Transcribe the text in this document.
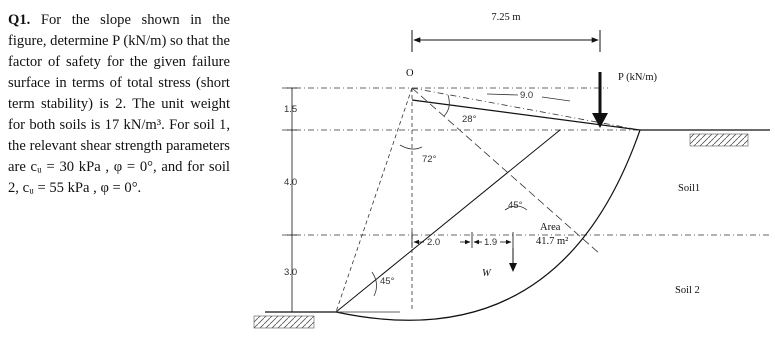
Q1. For the slope shown in the figure, determine P (kN/m) so that the factor of safety for the given failure surface in terms of total stress (short term stability) is 2. The unit weight for both soils is 17 kN/m³. For soil 1, the relevant shear strength parameters are cᵤ = 30 kPa , φ = 0°, and for soil 2, cᵤ = 55 kPa , φ = 0°.

7.25 m
1.5
4.0
3.0
O
28°
72°
45°
45°
9.0
P (kN/m)
2.0	1.9
W
Area
41.7 m²
Soil1
Soil 2
